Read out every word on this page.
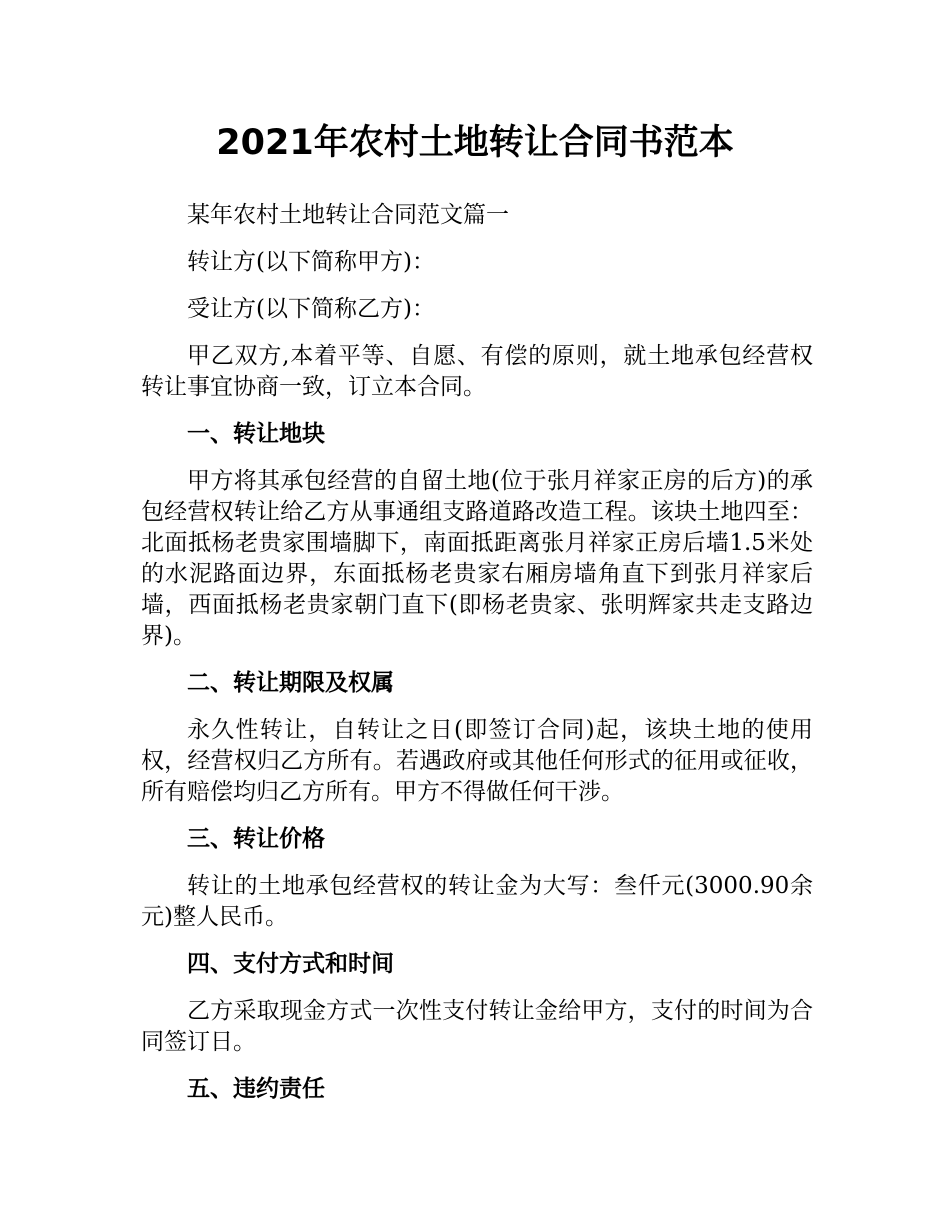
2021年农村土地转让合同书范本

某年农村土地转让合同范文篇一

转让方(以下简称甲方)：

受让方(以下简称乙方)：

甲乙双方,本着平等、自愿、有偿的原则，就土地承包经营权转让事宜协商一致，订立本合同。

一、转让地块

甲方将其承包经营的自留土地(位于张月祥家正房的后方)的承包经营权转让给乙方从事通组支路道路改造工程。该块土地四至：北面抵杨老贵家围墙脚下，南面抵距离张月祥家正房后墙1.5米处的水泥路面边界，东面抵杨老贵家右厢房墙角直下到张月祥家后墙，西面抵杨老贵家朝门直下(即杨老贵家、张明辉家共走支路边界)。

二、转让期限及权属

永久性转让，自转让之日(即签订合同)起，该块土地的使用权，经营权归乙方所有。若遇政府或其他任何形式的征用或征收，所有赔偿均归乙方所有。甲方不得做任何干涉。

三、转让价格

转让的土地承包经营权的转让金为大写：叁仟元(3000.90余元)整人民币。

四、支付方式和时间

乙方采取现金方式一次性支付转让金给甲方，支付的时间为合同签订日。

五、违约责任
